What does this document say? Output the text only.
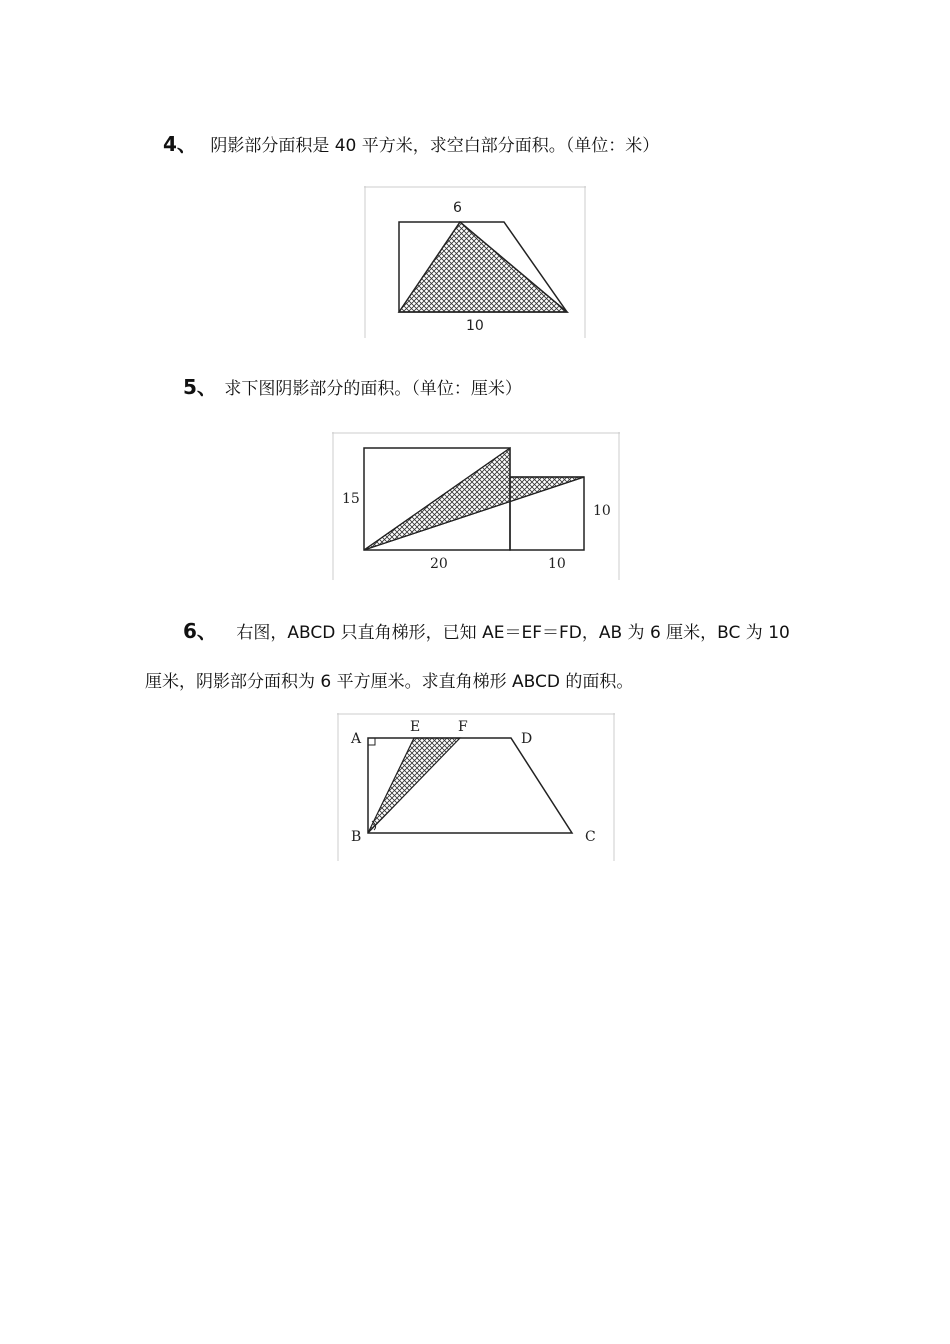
4、 阴影部分面积是 40 平方米，求空白部分面积。（单位：米）
6
10
5、 求下图阴影部分的面积。（单位：厘米）
15
10
20	10
6、 右图，ABCD 只直角梯形，已知 AE＝EF＝FD，AB 为 6 厘米，BC 为 10
厘米，阴影部分面积为 6 平方厘米。求直角梯形 ABCD 的面积。
A
B	C
D
E	F
